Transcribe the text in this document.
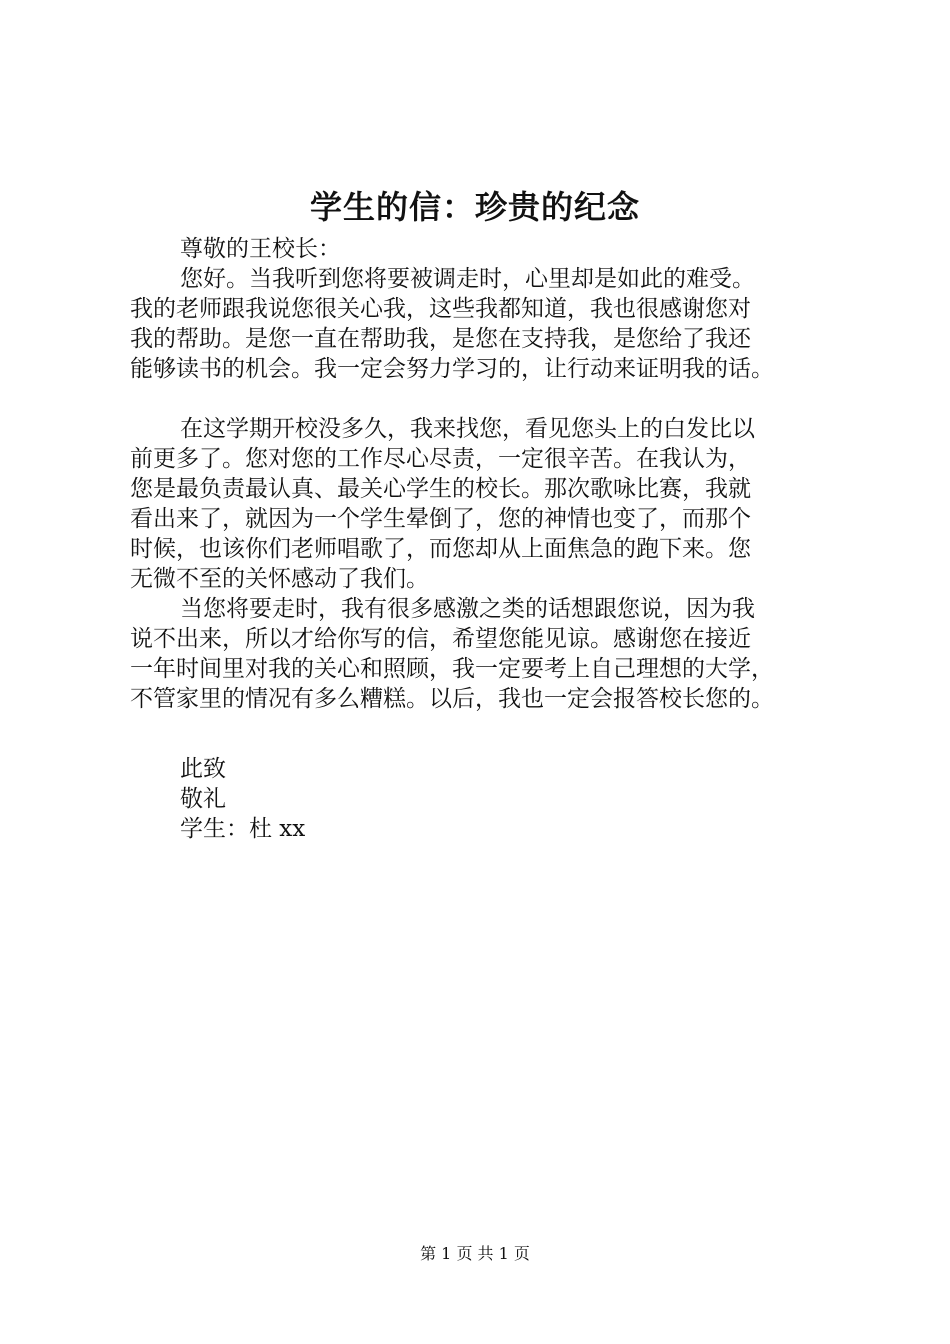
学生的信：珍贵的纪念
尊敬的王校长：
您好。当我听到您将要被调走时，心里却是如此的难受。
我的老师跟我说您很关心我，这些我都知道，我也很感谢您对
我的帮助。是您一直在帮助我，是您在支持我，是您给了我还
能够读书的机会。我一定会努力学习的，让行动来证明我的话。
在这学期开校没多久，我来找您，看见您头上的白发比以
前更多了。您对您的工作尽心尽责，一定很辛苦。在我认为，
您是最负责最认真、最关心学生的校长。那次歌咏比赛，我就
看出来了，就因为一个学生晕倒了，您的神情也变了，而那个
时候，也该你们老师唱歌了，而您却从上面焦急的跑下来。您
无微不至的关怀感动了我们。
当您将要走时，我有很多感激之类的话想跟您说，因为我
说不出来，所以才给你写的信，希望您能见谅。感谢您在接近
一年时间里对我的关心和照顾，我一定要考上自己理想的大学，
不管家里的情况有多么糟糕。以后，我也一定会报答校长您的。
此致
敬礼
学生：杜 xx
第 1 页 共 1 页
